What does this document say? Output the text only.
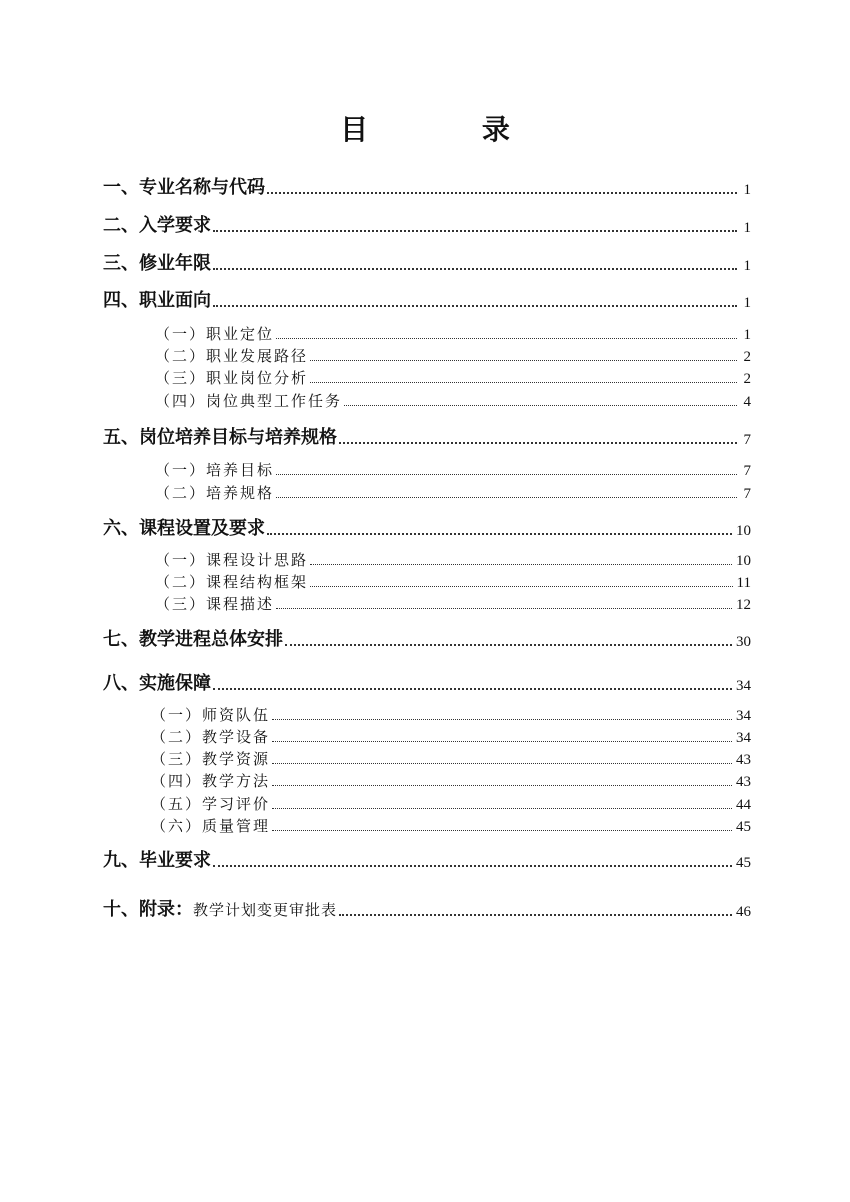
目 录
一、专业名称与代码	1
二、入学要求	1
三、修业年限	1
四、职业面向	1
（一）职业定位	1
（二）职业发展路径	2
（三）职业岗位分析	2
（四）岗位典型工作任务	4
五、岗位培养目标与培养规格	7
（一）培养目标	7
（二）培养规格	7
六、课程设置及要求	10
（一）课程设计思路	10
（二）课程结构框架	11
（三）课程描述	12
七、教学进程总体安排	30
八、实施保障	34
（一）师资队伍	34
（二）教学设备	34
（三）教学资源	43
（四）教学方法	43
（五）学习评价	44
（六）质量管理	45
九、毕业要求	45
十、附录：教学计划变更审批表	46
